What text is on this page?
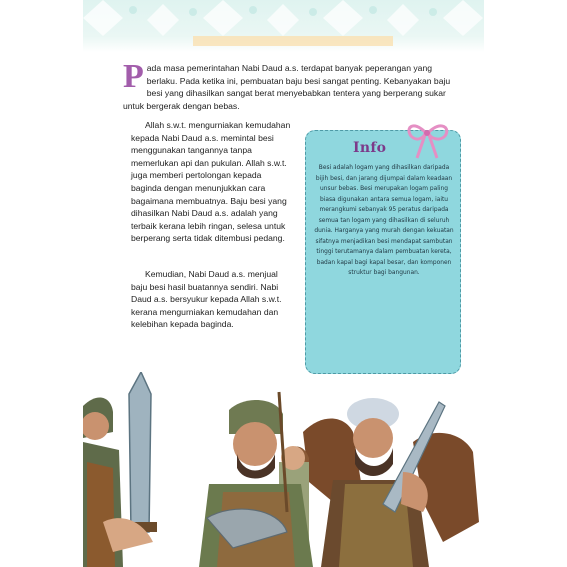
Pada masa pemerintahan Nabi Daud a.s. terdapat banyak peperangan yang berlaku. Pada ketika ini, pembuatan baju besi sangat penting. Kebanyakan baju besi yang dihasilkan sangat berat menyebabkan tentera yang berperang sukar untuk bergerak dengan bebas.
Allah s.w.t. mengurniakan kemudahan kepada Nabi Daud a.s. memintal besi menggunakan tangannya tanpa memerlukan api dan pukulan. Allah s.w.t. juga memberi pertolongan kepada baginda dengan menunjukkan cara bagaimana membuatnya. Baju besi yang dihasilkan Nabi Daud a.s. adalah yang terbaik kerana lebih ringan, selesa untuk berperang serta tidak ditembusi pedang.
Kemudian, Nabi Daud a.s. menjual baju besi hasil buatannya sendiri. Nabi Daud a.s. bersyukur kepada Allah s.w.t. kerana mengurniakan kemudahan dan kelebihan kepada baginda.
Info
Besi adalah logam yang dihasilkan daripada bijih besi, dan jarang dijumpai dalam keadaan unsur bebas. Besi merupakan logam paling biasa digunakan antara semua logam, iaitu merangkumi sebanyak 95 peratus daripada semua tan logam yang dihasilkan di seluruh dunia. Harganya yang murah dengan kekuatan sifatnya menjadikan besi mendapat sambutan tinggi terutamanya dalam pembuatan kereta, badan kapal bagi kapal besar, dan komponen struktur bagi bangunan.
